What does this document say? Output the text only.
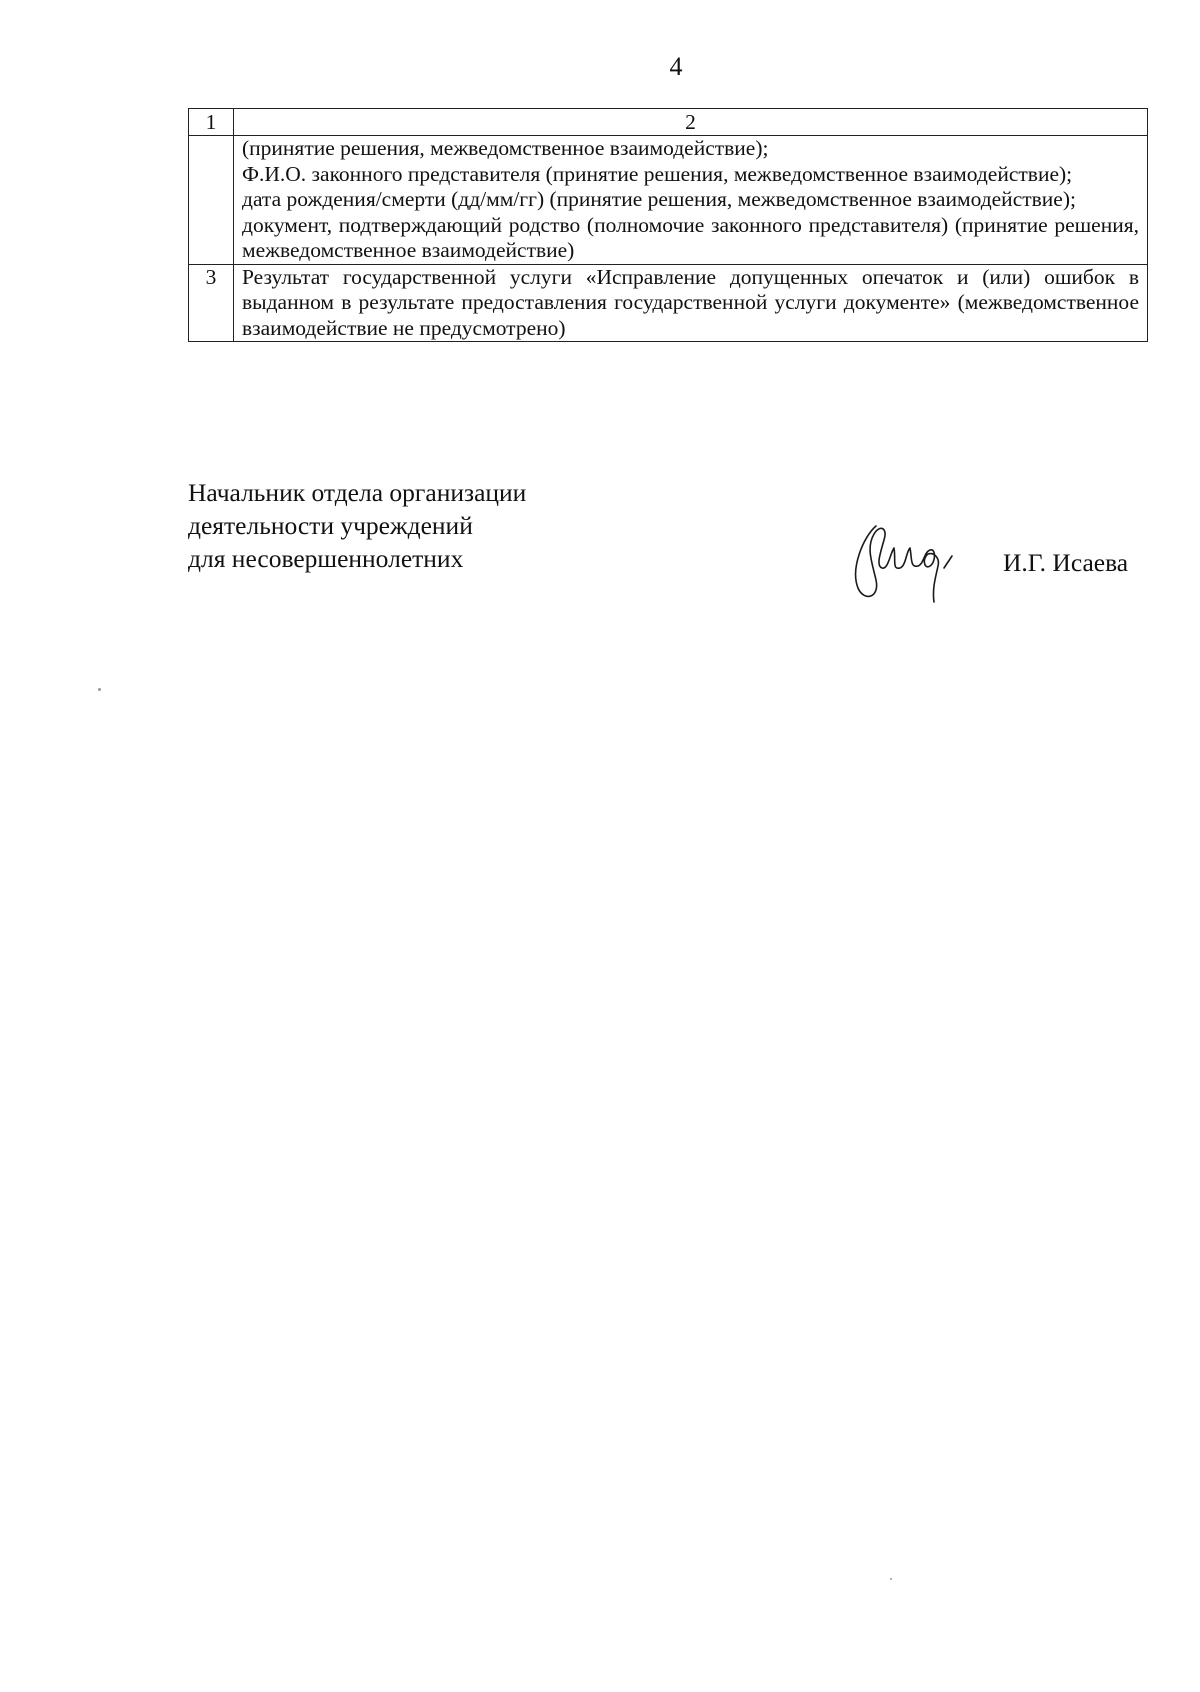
4
1	2

	(принятие решения, межведомственное взаимодействие);
Ф.И.О. законного представителя (принятие решения, межведомственное взаимодействие);
дата рождения/смерти (дд/мм/гг) (принятие решения, межведомственное взаимодействие);
документ, подтверждающий родство (полномочие законного представителя) (принятие решения, межведомственное взаимодействие)

3	Результат государственной услуги «Исправление допущенных опечаток и (или) ошибок в выданном в результате предоставления государственной услуги документе» (межведомственное взаимодействие не предусмотрено)
Начальник отдела организации
деятельности учреждений
для несовершеннолетних	И.Г. Исаева
